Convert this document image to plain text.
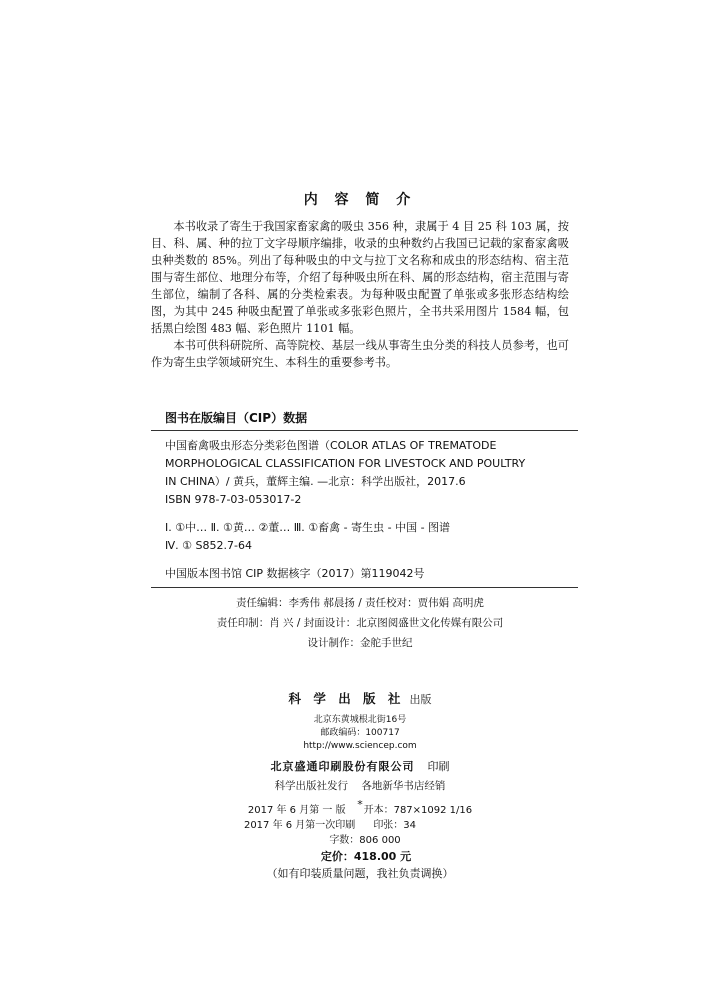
内 容 简 介

本书收录了寄生于我国家畜家禽的吸虫 356 种，隶属于 4 目 25 科 103 属，按目、科、属、种的拉丁文字母顺序编排，收录的虫种数约占我国已记载的家畜家禽吸虫种类数的 85%。列出了每种吸虫的中文与拉丁文名称和成虫的形态结构、宿主范围与寄生部位、地理分布等，介绍了每种吸虫所在科、属的形态结构，宿主范围与寄生部位，编制了各科、属的分类检索表。为每种吸虫配置了单张或多张形态结构绘图，为其中 245 种吸虫配置了单张或多张彩色照片，全书共采用图片 1584 幅，包括黑白绘图 483 幅、彩色照片 1101 幅。

本书可供科研院所、高等院校、基层一线从事寄生虫分类的科技人员参考，也可作为寄生虫学领域研究生、本科生的重要参考书。

图书在版编目（CIP）数据
中国畜禽吸虫形态分类彩色图谱（COLOR ATLAS OF TREMATODE
MORPHOLOGICAL CLASSIFICATION FOR LIVESTOCK AND POULTRY
IN CHINA）/ 黄兵，董辉主编. —北京：科学出版社，2017.6
ISBN 978-7-03-053017-2
Ⅰ. ①中… Ⅱ. ①黄… ②董… Ⅲ. ①畜禽 - 寄生虫 - 中国 - 图谱
Ⅳ. ① S852.7-64
中国版本图书馆 CIP 数据核字（2017）第119042号
责任编辑：李秀伟 郝晨扬 / 责任校对：贾伟娟 高明虎
责任印制：肖 兴 / 封面设计：北京图阅盛世文化传媒有限公司
设计制作：金舵手世纪
科 学 出 版 社 出版
北京东黄城根北街16号
邮政编码：100717
http://www.sciencep.com
北京盛通印刷股份有限公司 印刷
科学出版社发行    各地新华书店经销
*
2017 年 6 月第 一 版 开本：787×1092 1/16
2017 年 6 月第一次印刷 印张：34
字数：806 000
定价：418.00 元
（如有印装质量问题，我社负责调换）
